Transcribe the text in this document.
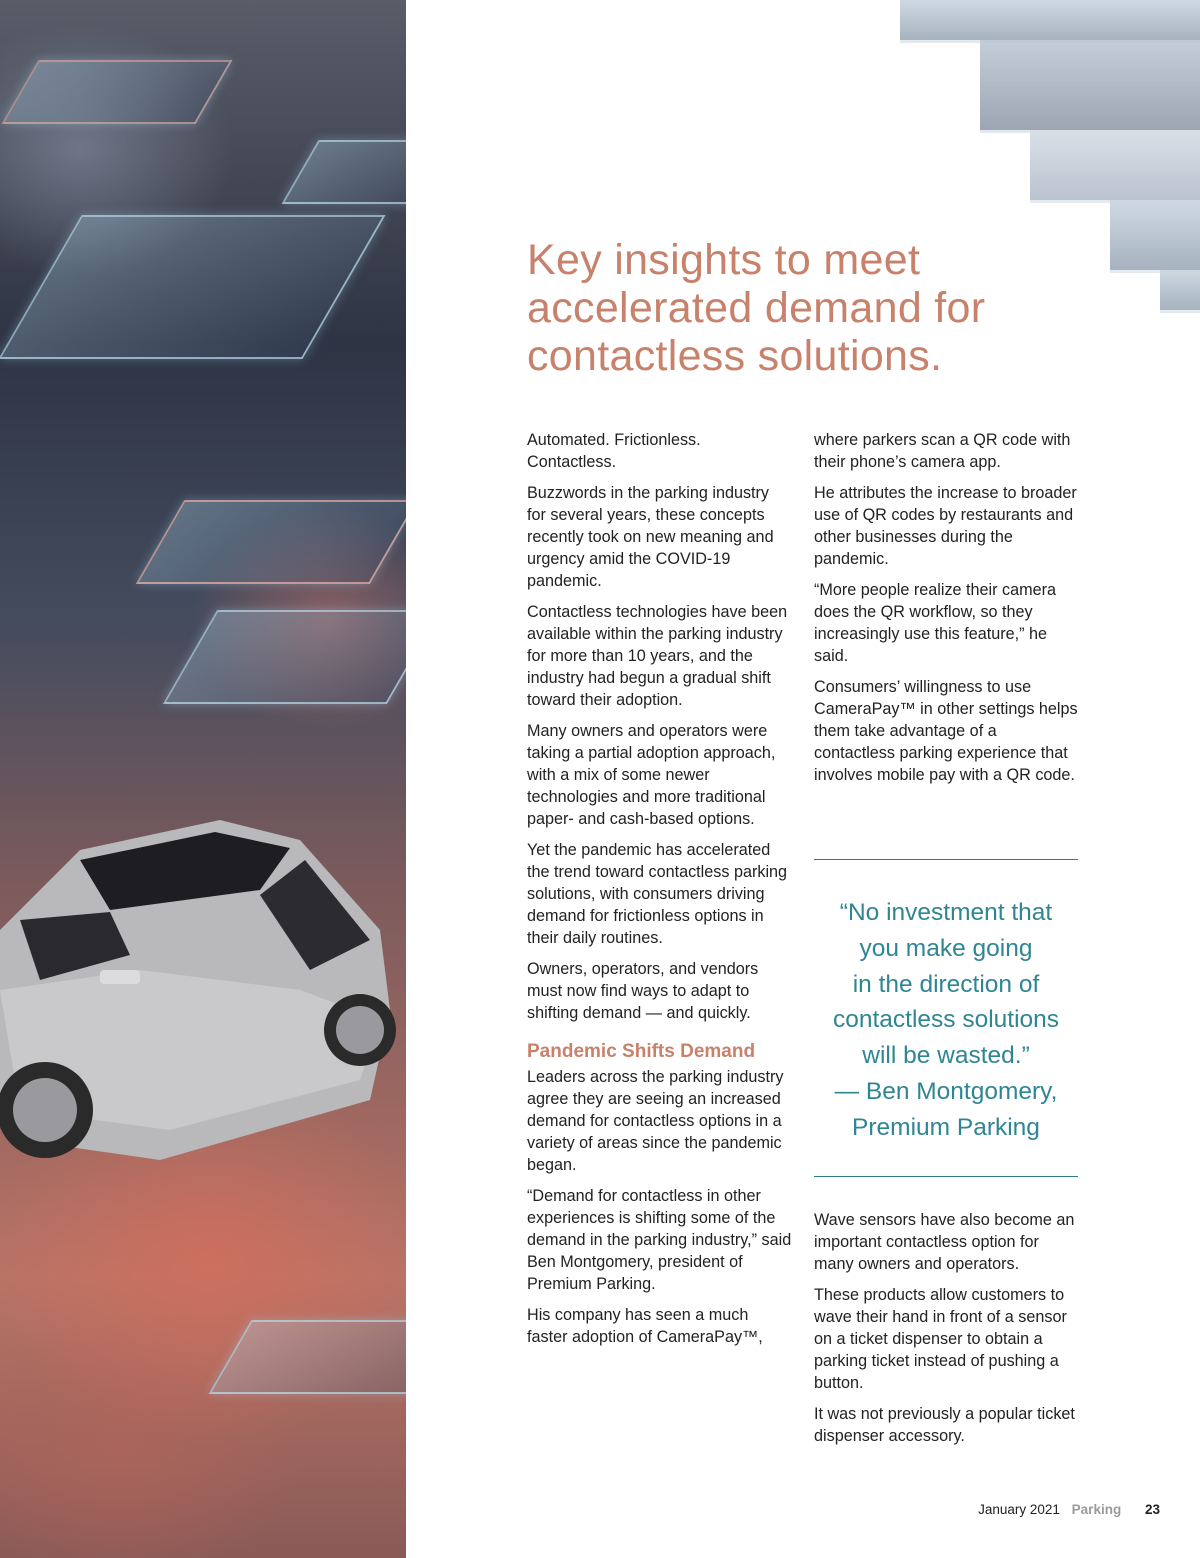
Key insights to meet accelerated demand for contactless solutions.

Automated. Frictionless. Contactless.

Buzzwords in the parking industry for several years, these concepts recently took on new meaning and urgency amid the COVID-19 pandemic.

Contactless technologies have been available within the parking industry for more than 10 years, and the industry had begun a gradual shift toward their adoption.

Many owners and operators were taking a partial adoption approach, with a mix of some newer technologies and more traditional paper- and cash-based options.

Yet the pandemic has accelerated the trend toward contactless parking solutions, with consumers driving demand for frictionless options in their daily routines.

Owners, operators, and vendors must now find ways to adapt to shifting demand — and quickly.

Pandemic Shifts Demand

Leaders across the parking industry agree they are seeing an increased demand for contactless options in a variety of areas since the pandemic began.

“Demand for contactless in other experiences is shifting some of the demand in the parking industry,” said Ben Montgomery, president of Premium Parking.

His company has seen a much faster adoption of CameraPay™,

where parkers scan a QR code with their phone’s camera app.

He attributes the increase to broader use of QR codes by restaurants and other businesses during the pandemic.

“More people realize their camera does the QR workflow, so they increasingly use this feature,” he said.

Consumers’ willingness to use CameraPay™ in other settings helps them take advantage of a contactless parking experience that involves mobile pay with a QR code.

“No investment that
you make going
in the direction of
contactless solutions
will be wasted.”
— Ben Montgomery,
Premium Parking

Wave sensors have also become an important contactless option for many owners and operators.

These products allow customers to wave their hand in front of a sensor on a ticket dispenser to obtain a parking ticket instead of pushing a button.

It was not previously a popular ticket dispenser accessory.

January 2021 Parking 23
